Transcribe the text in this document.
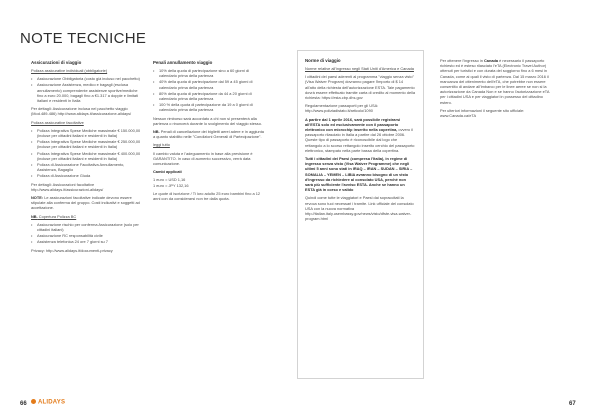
NOTE TECNICHE
Assicurazioni di viaggio
Polizza assicurative individuali (obbligatorie)
• Assicurazione Obbligatoria (costo già incluso nel pacchetto)
• Assicurazione Assistenza, medico e bagagli (esclusa annullamento) comprendente assistenze sportive/mediche fino a euro 20.000, bagagli fino a €1.317 a doppie e limitati italiani e residenti in Italia
Per dettagli: Assicurazione inclusa nel pacchetto viaggio (Mod.489-486) http://www.alidays.it/assicurazione-alidays/
Polizza assicurative facoltative
• Polizza Integrativa Spese Mediche massimale € 150.000,00 (incluse per cittadini italiani e residenti in Italia)
• Polizza Integrativa Spese Mediche massimale € 250.000,00 (incluse per cittadini italiani e residenti in Italia)
• Polizza Integrativa Spese Mediche massimale € 400.000,00 (incluse per cittadini italiani e residenti in Italia)
• Polizza di Assicurazione Facoltativa Annullamento, Assistenza, Bagaglio
• Polizza di Assicurazione Giuda
Per dettagli: Assicurazioni facoltative http://www.alidays.it/assicurazioni-alidays/
NOTE: Le assicurazioni facoltative indicate devono essere stipulate alla conferma del gruppo. Costi indicativi e soggetti ad accettazione.
NB. Copertura Polizza BC
• Assicurazione rischio per conferma Assicurazione (solo per cittadini italiani)
• Assicurazione RC responsabilità civile
• Assistenza telefonica 24 ore 7 giorni su 7
Privacy: http://www.alidays.it/documenti-privacy
Penali annullamento viaggio
• 10% della quota di partecipazione sino a 60 giorni di calendario prima della partenza
• 40% della quota di partecipazione dal 59 a 45 giorni di calendario prima della partenza
• 80% della quota di partecipazione da 44 a 20 giorni di calendario prima della partenza
• 100 % della quota di partecipazione da 19 a 0 giorni di calendario prima della partenza
Nessun rimborso sarà accordato a chi non si presenterà alla partenza o rinuncerà durante lo svolgimento del viaggio stesso.
NB. Penali di cancellazione dei biglietti aerei adere e in aggiunta a quanto stabilito nelle "Condizioni Generali di Partecipazione".
leggi tutto
Il cambio valuta e l'adeguamento in base alla previsione è GARANTITO. In caso di aumento successivo, verrà data comunicazione.
Cambi applicati
1 euro = USD 1,16
1 euro = JPY 132,16
Le quote di iscrizione / Ti loro adulto 25 euro bambini fino a 12 anni con da considerarsi non tre dalla quota.
Norme di viaggio
Norme relative all'ingresso negli Stati Uniti d'America e Canada
I cittadini dei paesi aderenti al programma "viaggio senza visto" (Visa Waiver Program) dovranno pagare l'importo di $ 14 all'atto della richiesta dell'autorizzazione ESTA. Tale pagamento dovrà essere effettuato tramite carta di credito al momento della richiesta: https://esta.cbp.dhs.gov
Regolamentazione passaporti per gli USA: http://www.poliziadistato.it/articolo/1090
A partire dal 1 aprile 2016, sarà possibile registrarsi all'ESTA solo ed esclusivamente con il passaporto elettronico con microchip inserito nella copertina, ovvero il passaporto rilasciato in Italia a partire dal 26 ottobre 2006. Queste tipo di passaporto è riconoscibile dal logo che rettangolo a lo scorso rettangolo inserito cerchio del passaporto elettronico, stampato nella parte bassa della copertina.
Tutti i cittadini dei Paesi (compresa l'Italia), in regime di ingresso senza visto (Visa Waiver Programme) che negli ultimi 5 anni sono stati in IRAQ – IRAN – SUDAN – SIRIA – SOMALIA – YEMEN – LIBIA avranno bisogno di un visto d'ingresso da richiedere al consolato USA, perché non sarà più sufficiente l'avviso ESTA. Anche se hanno un ESTA già in corso e valido
Quindi come tutte le viaggiatori e Paesi dai sopraccitati la revoca sono tuoi necessari i tramite. Link ufficiale del consolato USA con la nuova normativa http://italian.italy.usembassy.gov/news/visto/dfste-visa-waiver-program.html
Per ottenere l'ingresso in Canada è necessario il passaporto richiesto ed è esteso rilasciato l'eTA (Electronic Travel Author) ottenuti per turistici e con durata del soggiorno fino a 6 mesi in Canada, come ai quali il visto di partenza. Dal 15 marzo 2016 il mancanza del ottenimento dell'eTA, che potrebbe non essere consentito di andare all'imbarco per le linee aeree se non si la autorizzazione da Canada Non e se hanno l'autorizzazione eTA per i cittadini USA e per viaggiatori in possesso del cittadino estero.
Per ulteriori informazioni il seguente sito ufficiale: www.Canada.ca/eTA
66	ALIDAYS	67
